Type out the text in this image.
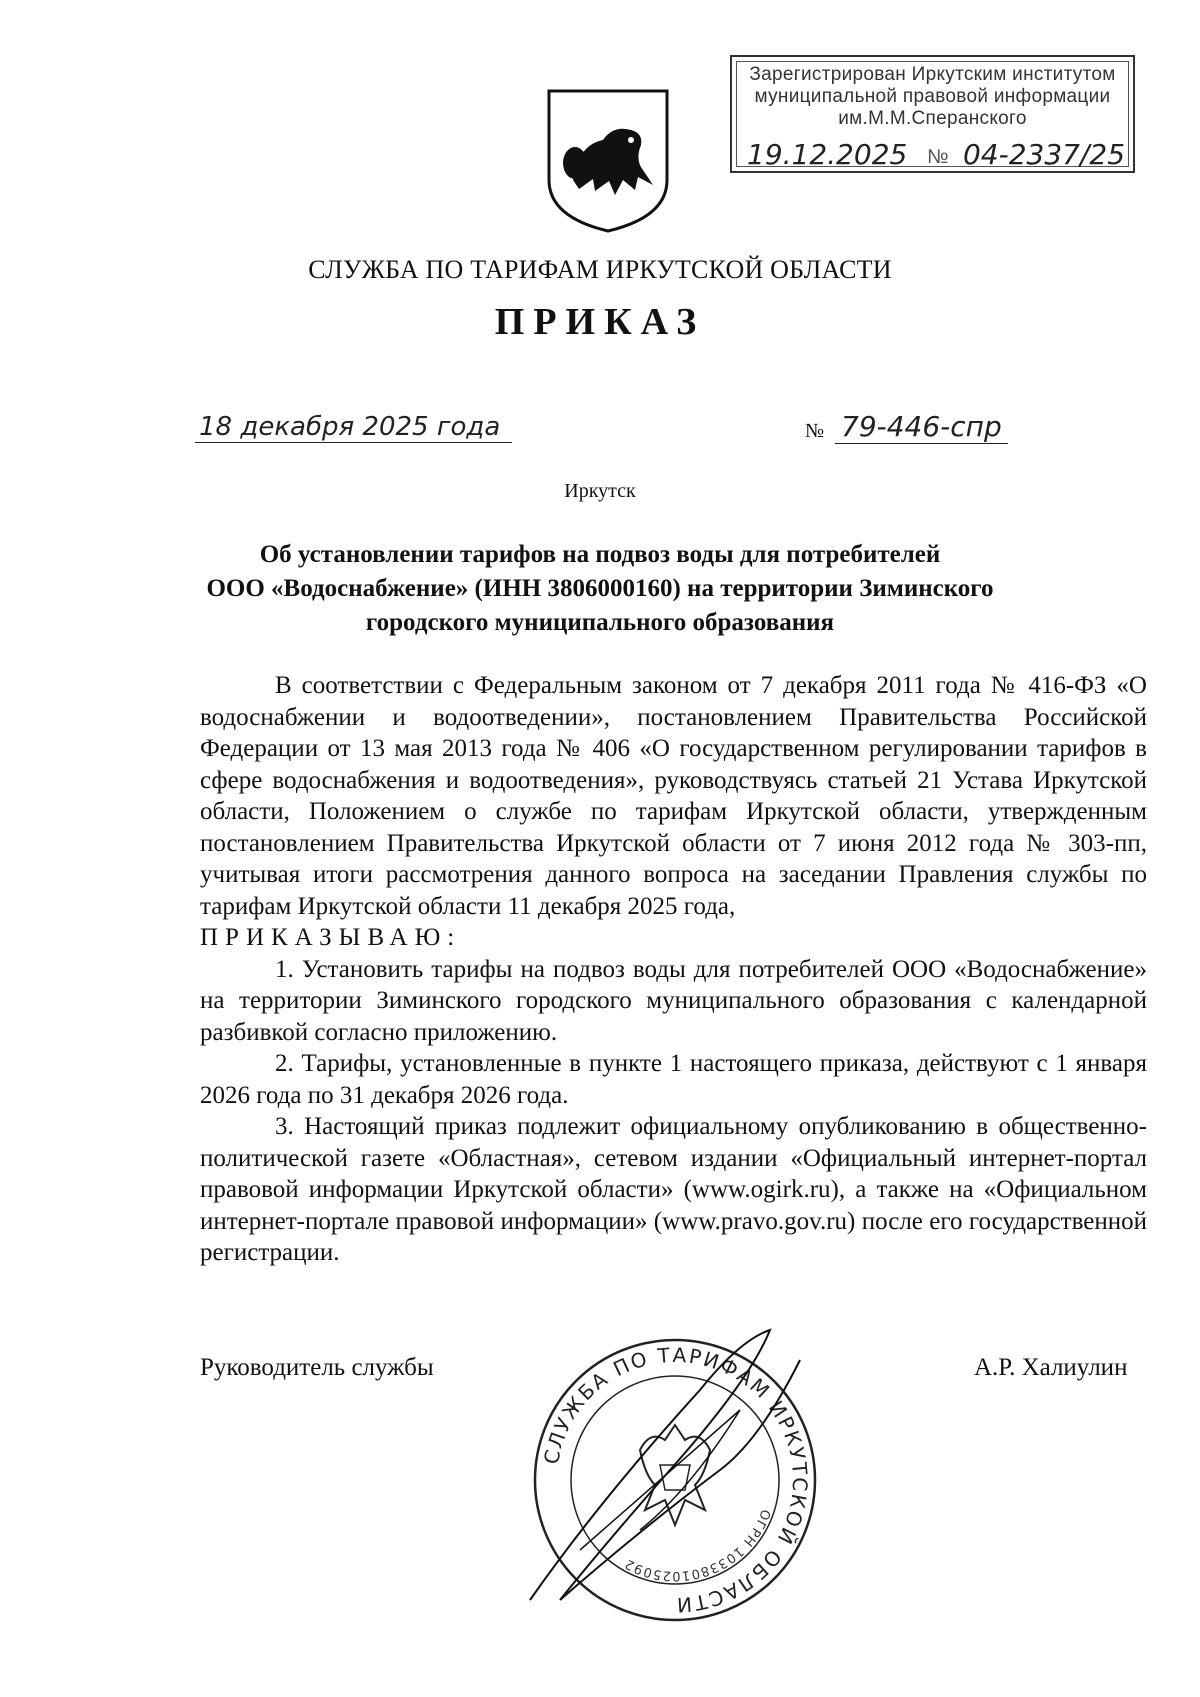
Зарегистрирован Иркутским институтом
муниципальной правовой информации
им.М.М.Сперанского
19.12.2025 № 04-2337/25
СЛУЖБА ПО ТАРИФАМ ИРКУТСКОЙ ОБЛАСТИ
ПРИКАЗ
18 декабря 2025 года	№ 79-446-спр
Иркутск
Об установлении тарифов на подвоз воды для потребителей
ООО «Водоснабжение» (ИНН 3806000160) на территории Зиминского
городского муниципального образования

В соответствии с Федеральным законом от 7 декабря 2011 года № 416-ФЗ «О водоснабжении и водоотведении», постановлением Правительства Российской Федерации от 13 мая 2013 года № 406 «О государственном регулировании тарифов в сфере водоснабжения и водоотведения», руководствуясь статьей 21 Устава Иркутской области, Положением о службе по тарифам Иркутской области, утвержденным постановлением Правительства Иркутской области от 7 июня 2012 года № 303-пп, учитывая итоги рассмотрения данного вопроса на заседании Правления службы по тарифам Иркутской области 11 декабря 2025 года,

ПРИКАЗЫВАЮ:

1. Установить тарифы на подвоз воды для потребителей ООО «Водоснабжение» на территории Зиминского городского муниципального образования с календарной разбивкой согласно приложению.

2. Тарифы, установленные в пункте 1 настоящего приказа, действуют с 1 января 2026 года по 31 декабря 2026 года.

3. Настоящий приказ подлежит официальному опубликованию в общественно-политической газете «Областная», сетевом издании «Официальный интернет-портал правовой информации Иркутской области» (www.ogirk.ru), а также на «Официальном интернет-портале правовой информации» (www.pravo.gov.ru) после его государственной регистрации.

Руководитель службы	А.Р. Халиулин
СЛУЖБА ПО ТАРИФАМ ИРКУТСКОЙ ОБЛАСТИ
ОГРН 1033801025092
